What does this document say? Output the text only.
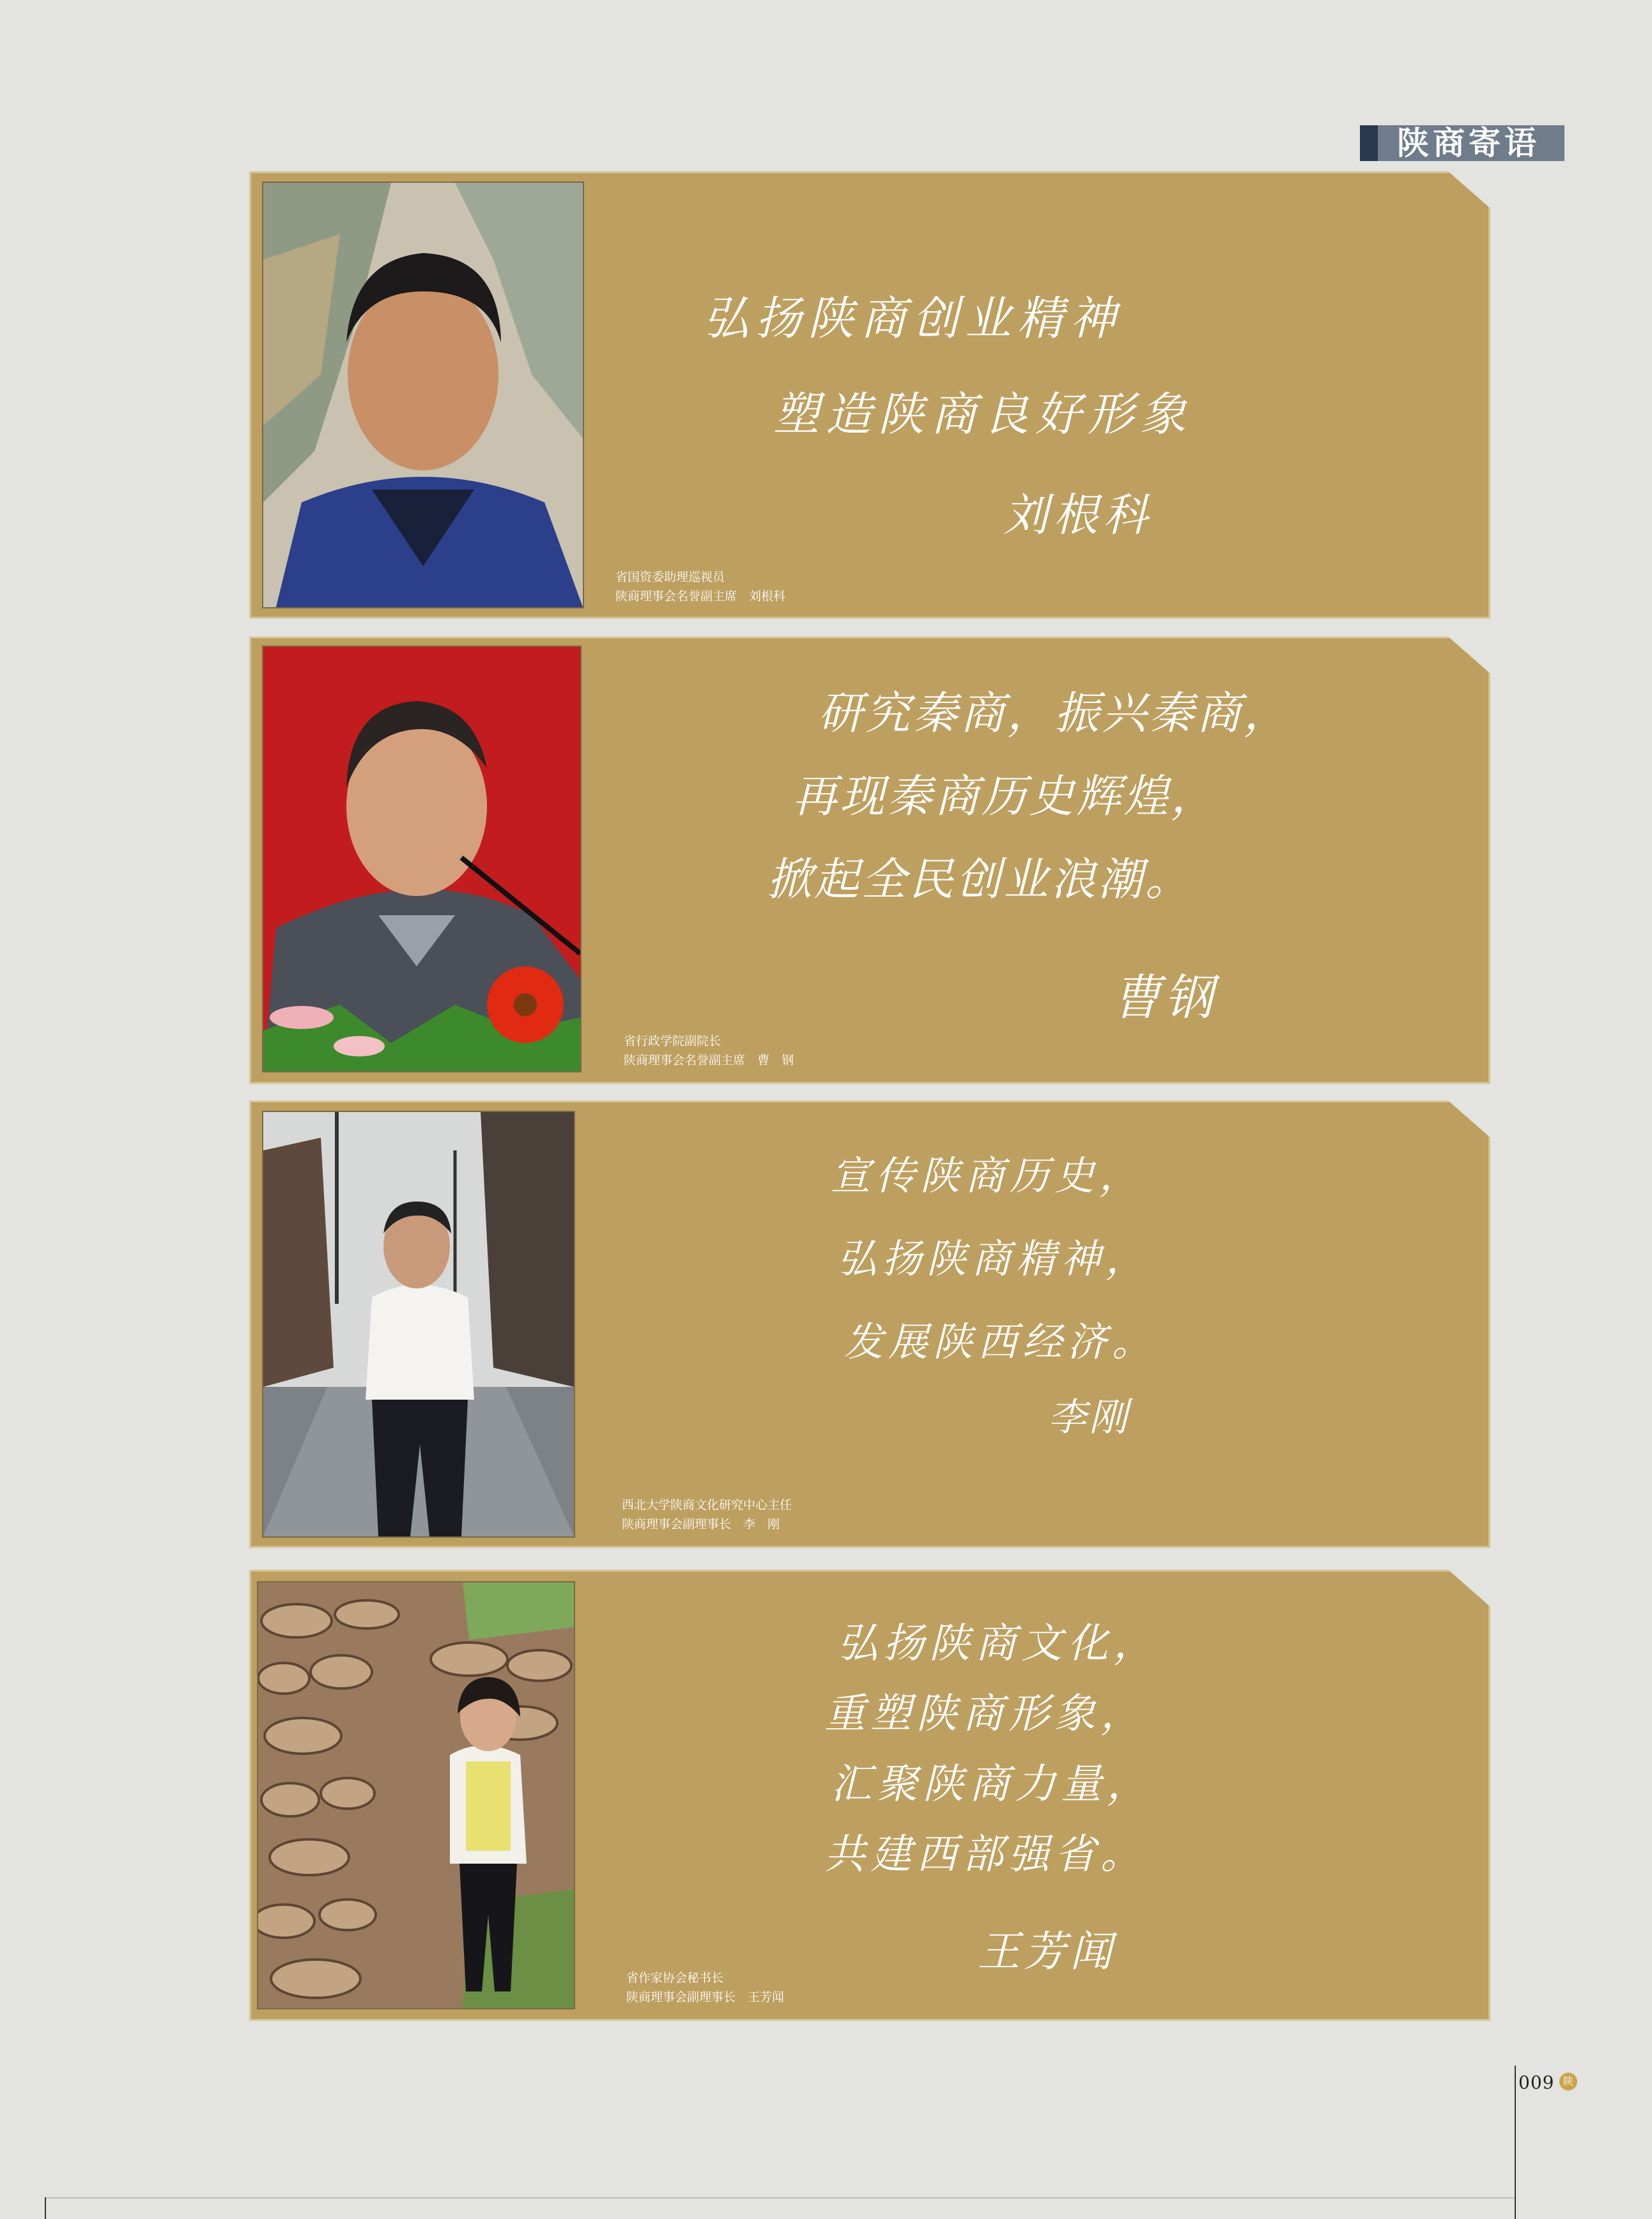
陕商寄语
弘扬陕商创业精神
塑造陕商良好形象
刘根科
省国资委助理巡视员
陕商理事会名誉副主席　刘根科
研究秦商，振兴秦商，
再现秦商历史辉煌，
掀起全民创业浪潮。
曹钢
省行政学院副院长
陕商理事会名誉副主席　曹　钢
宣传陕商历史，
弘扬陕商精神，
发展陕西经济。
李刚
西北大学陕商文化研究中心主任
陕商理事会副理事长　李　刚
弘扬陕商文化，
重塑陕商形象，
汇聚陕商力量，
共建西部强省。
王芳闻
省作家协会秘书长
陕商理事会副理事长　王芳闻
009 陕
